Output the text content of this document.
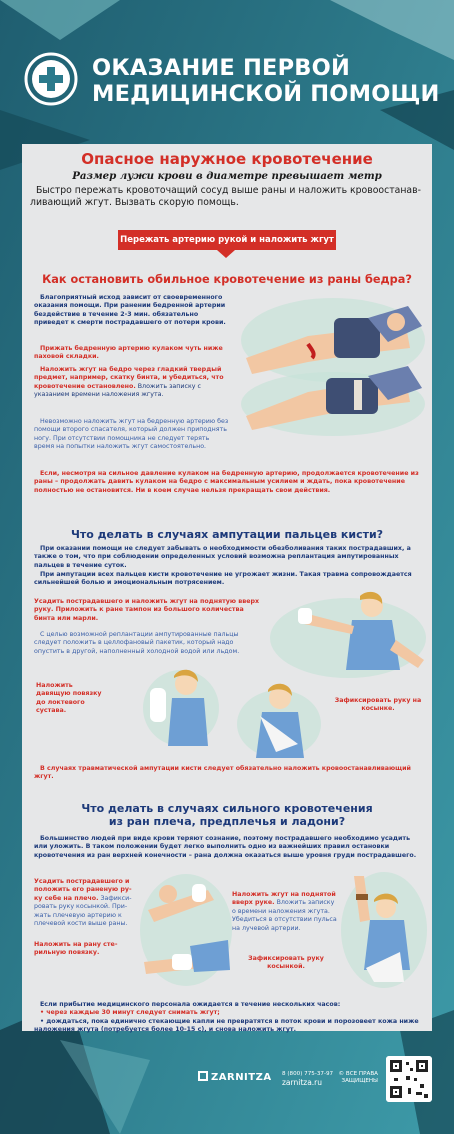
ОКАЗАНИЕ ПЕРВОЙ
МЕДИЦИНСКОЙ ПОМОЩИ
Опасное наружное кровотечение
Размер лужи крови в диаметре превышает метр
Быстро пережать кровоточащий сосуд выше раны и наложить кровоостанавливающий жгут. Вызвать скорую помощь.
Пережать артерию рукой и наложить жгут
Как остановить обильное кровотечение из раны бедра?
Благоприятный исход зависит от своевременного оказания помощи. При ранении бедренной артерии бездействие в течение 2-3 мин. обязательно приведет к смерти пострадавшего от потери крови.
Прижать бедренную артерию кулаком чуть ниже паховой складки.
Наложить жгут на бедро через гладкий твердый предмет, например, скатку бинта, и убедиться, что кровотечение остановлено. Вложить записку с указанием времени наложения жгута.
Невозможно наложить жгут на бедренную артерию без помощи второго спасателя, который должен приподнять ногу. При отсутствии помощника не следует терять время на попытки наложить жгут самостоятельно.
Если, несмотря на сильное давление кулаком на бедренную артерию, продолжается кровотечение из раны – продолжать давить кулаком на бедро с максимальным усилием и ждать, пока кровотечение полностью не остановится. Ни в коем случае нельзя прекращать свои действия.
Что делать в случаях ампутации пальцев кисти?
При оказании помощи не следует забывать о необходимости обезболивания таких пострадавших, а также о том, что при соблюдении определенных условий возможна реплантация ампутированных пальцев в течение суток.
При ампутации всех пальцев кисти кровотечение не угрожает жизни. Такая травма сопровождается сильнейшей болью и эмоциональным потрясением.
Усадить пострадавшего и наложить жгут на поднятую вверх руку. Приложить к ране тампон из большого количества бинта или марли.
С целью возможной реплантации ампутированные пальцы следует положить в целлофановый пакетик, который надо опустить в другой, наполненный холодной водой или льдом.
Наложить давящую повязку до локтевого сустава.
Зафиксировать руку на косынке.
В случаях травматической ампутации кисти следует обязательно наложить кровоостанавливающий жгут.
Что делать в случаях сильного кровотечения
из ран плеча, предплечья и ладони?
Большинство людей при виде крови теряют сознание, поэтому пострадавшего необходимо усадить или уложить. В таком положении будет легко выполнить одно из важнейших правил остановки кровотечения из ран верхней конечности – рана должна оказаться выше уровня груди пострадавшего.
Усадить пострадавшего и положить его раненую руку себе на плечо. Зафиксировать руку косынкой. Прижать плечевую артерию к плечевой кости выше раны.
Наложить на рану стерильную повязку.
Наложить жгут на поднятой вверх руке. Вложить записку о времени наложения жгута. Убедиться в отсутствии пульса на лучевой артерии.
Зафиксировать руку косынкой.
Если прибытие медицинского персонала ожидается в течение нескольких часов:
• через каждые 30 минут следует снимать жгут;
• дождаться, пока единично стекающие капли не превратятся в поток крови и порозовеет кожа ниже наложения жгута (потребуется более 10-15 с), и снова наложить жгут.
ZARNITZA 8 (800) 775-37-97
zarnitza.ru
© ВСЕ ПРАВА
ЗАЩИЩЕНЫ
